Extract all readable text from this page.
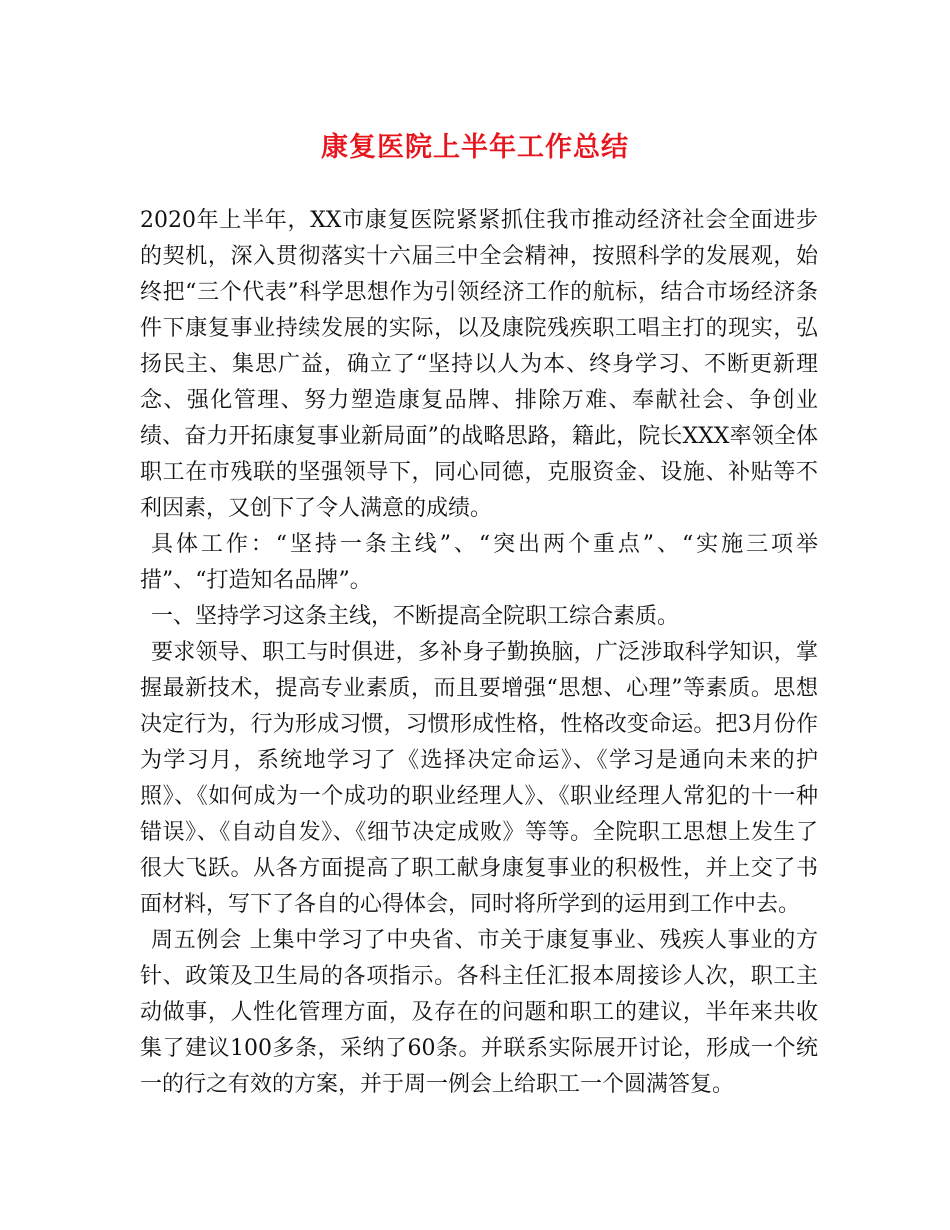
康复医院上半年工作总结

2020年上半年，XX市康复医院紧紧抓住我市推动经济社会全面进步的契机，深入贯彻落实十六届三中全会精神，按照科学的发展观，始终把“三个代表”科学思想作为引领经济工作的航标，结合市场经济条件下康复事业持续发展的实际，以及康院残疾职工唱主打的现实，弘扬民主、集思广益，确立了“坚持以人为本、终身学习、不断更新理念、强化管理、努力塑造康复品牌、排除万难、奉献社会、争创业绩、奋力开拓康复事业新局面”的战略思路，籍此，院长XXX率领全体职工在市残联的坚强领导下，同心同德，克服资金、设施、补贴等不利因素，又创下了令人满意的成绩。

具体工作：“坚持一条主线”、“突出两个重点”、“实施三项举措”、“打造知名品牌”。

一、坚持学习这条主线，不断提高全院职工综合素质。

要求领导、职工与时俱进，多补身子勤换脑，广泛涉取科学知识，掌握最新技术，提高专业素质，而且要增强“思想、心理”等素质。思想决定行为，行为形成习惯，习惯形成性格，性格改变命运。把3月份作为学习月，系统地学习了《选择决定命运》、《学习是通向未来的护照》、《如何成为一个成功的职业经理人》、《职业经理人常犯的十一种错误》、《自动自发》、《细节决定成败》等等。全院职工思想上发生了很大飞跃。从各方面提高了职工献身康复事业的积极性，并上交了书面材料，写下了各自的心得体会，同时将所学到的运用到工作中去。

周五例会 上集中学习了中央省、市关于康复事业、残疾人事业的方针、政策及卫生局的各项指示。各科主任汇报本周接诊人次，职工主动做事，人性化管理方面，及存在的问题和职工的建议，半年来共收集了建议100多条，采纳了60条。并联系实际展开讨论，形成一个统一的行之有效的方案，并于周一例会上给职工一个圆满答复。
